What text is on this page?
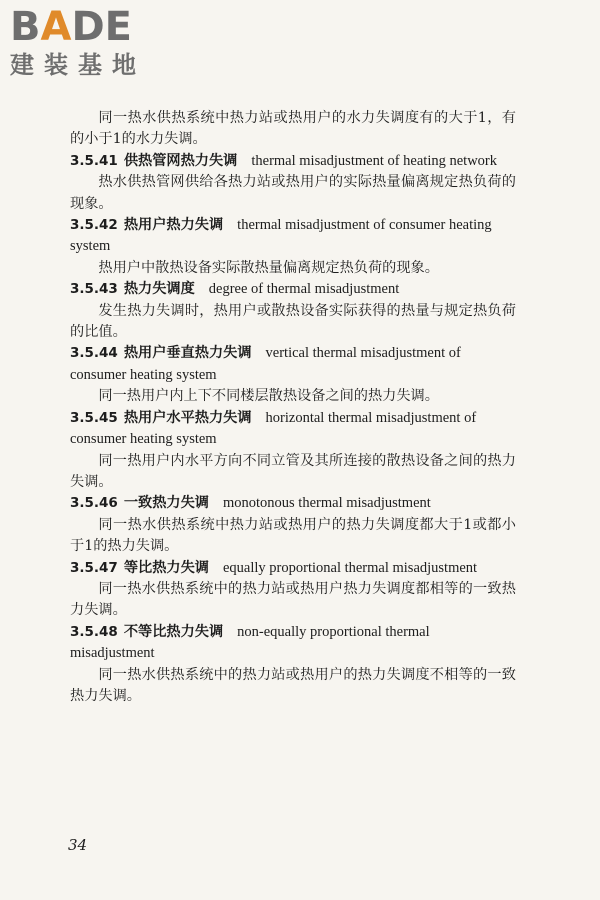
BADE
建装基地

同一热水供热系统中热力站或热用户的水力失调度有的大于1，有的小于1的水力失调。

3.5.41 供热管网热力失调 thermal misadjustment of heating network

热水供热管网供给各热力站或热用户的实际热量偏离规定热负荷的现象。

3.5.42 热用户热力失调 thermal misadjustment of consumer heating system

热用户中散热设备实际散热量偏离规定热负荷的现象。

3.5.43 热力失调度 degree of thermal misadjustment

发生热力失调时，热用户或散热设备实际获得的热量与规定热负荷的比值。

3.5.44 热用户垂直热力失调 vertical thermal misadjustment of consumer heating system

同一热用户内上下不同楼层散热设备之间的热力失调。

3.5.45 热用户水平热力失调 horizontal thermal misadjustment of consumer heating system

同一热用户内水平方向不同立管及其所连接的散热设备之间的热力失调。

3.5.46 一致热力失调 monotonous thermal misadjustment

同一热水供热系统中热力站或热用户的热力失调度都大于1或都小于1的热力失调。

3.5.47 等比热力失调 equally proportional thermal misadjustment

同一热水供热系统中的热力站或热用户热力失调度都相等的一致热力失调。

3.5.48 不等比热力失调 non-equally proportional thermal misadjustment

同一热水供热系统中的热力站或热用户的热力失调度不相等的一致热力失调。

34
